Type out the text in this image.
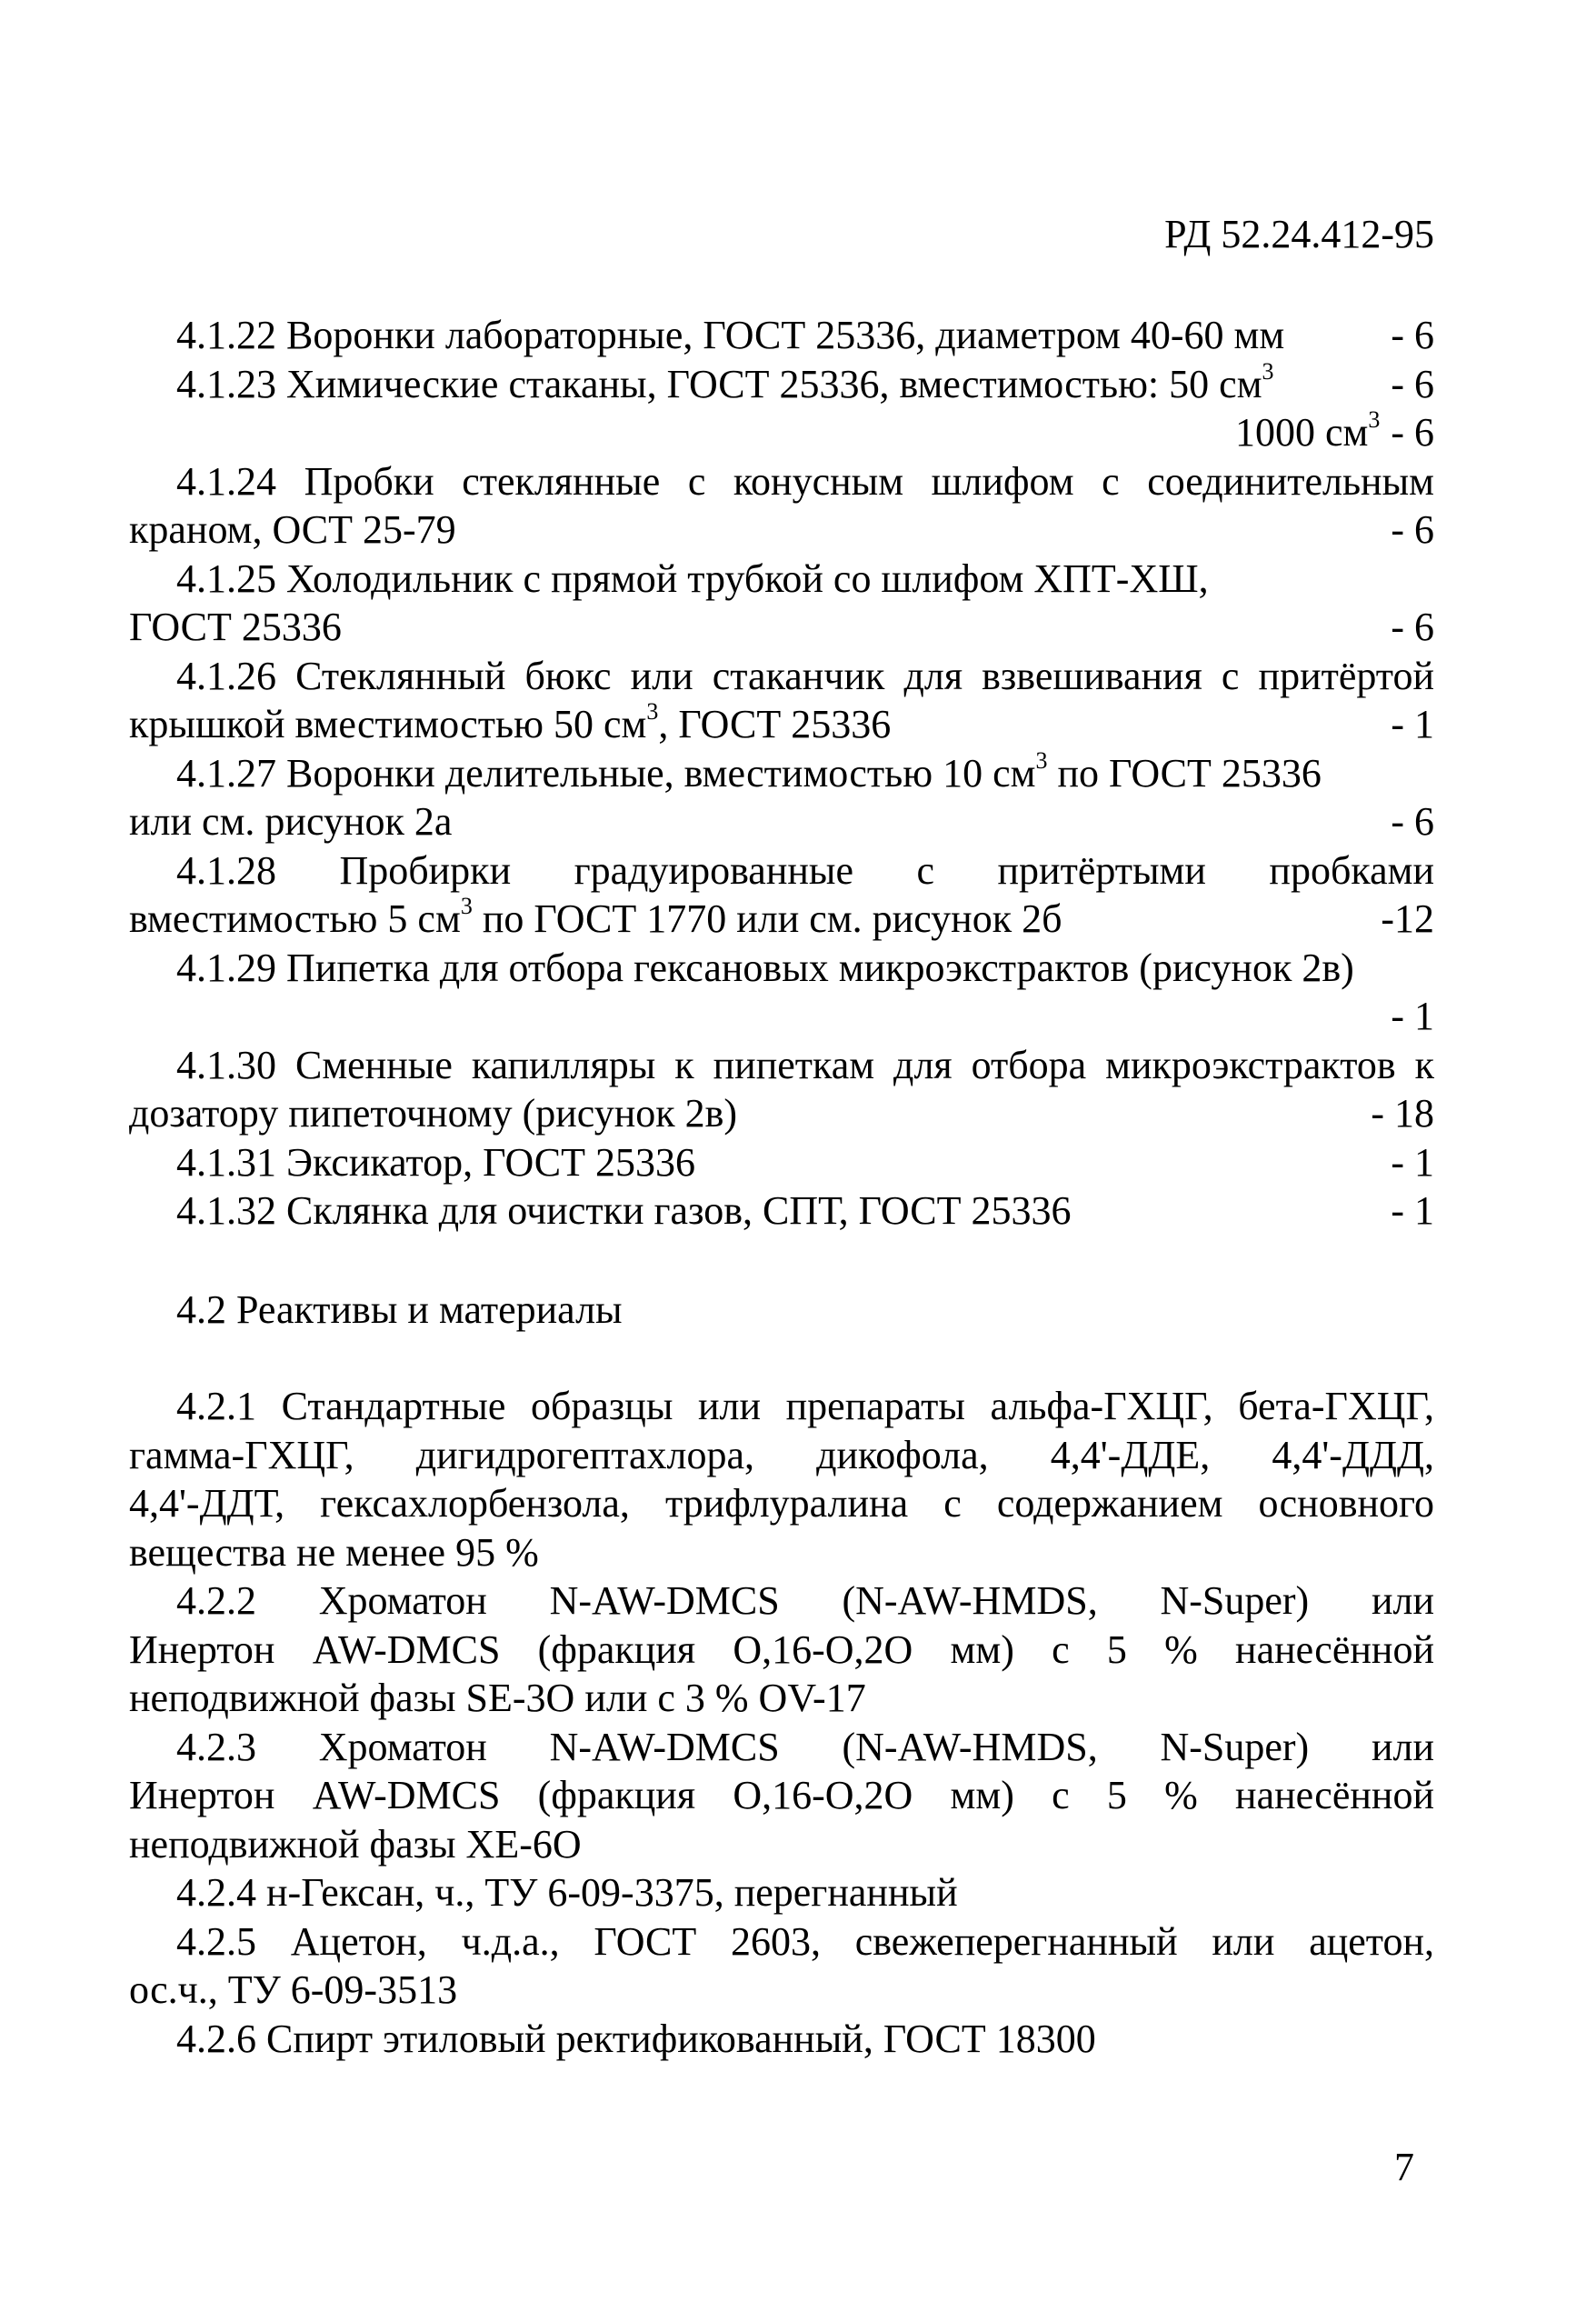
РД 52.24.412-95
4.1.22 Воронки лабораторные, ГОСТ 25336, диаметром 40-60 мм	- 6
4.1.23 Химические стаканы, ГОСТ 25336, вместимостью: 50 $см^3$	- 6
1000 $см^3 - 6$
4.1.24 Пробки стеклянные с конусным шлифом с соединительным
краном, ОСТ 25-79	- 6
4.1.25 Холодильник с прямой трубкой со шлифом ХПТ-ХШ,
ГОСТ 25336	- 6
4.1.26 Стеклянный бюкс или стаканчик для взвешивания с притёртой
крышкой вместимостью 50 $см^3$, ГОСТ 25336	- 1
4.1.27 Воронки делительные, вместимостью 10 $см^3$ по ГОСТ 25336
или см. рисунок 2а	- 6
4.1.28 Пробирки градуированные с притёртыми пробками
вместимостью 5 $см^3$ по ГОСТ 1770 или см. рисунок 2б	-12
4.1.29 Пипетка для отбора гексановых микроэкстрактов (рисунок 2в)
- 1
4.1.30 Сменные капилляры к пипеткам для отбора микроэкстрактов к
дозатору пипеточному (рисунок 2в)	- 18
4.1.31 Эксикатор, ГОСТ 25336	- 1
4.1.32 Склянка для очистки газов, СПТ, ГОСТ 25336	- 1
4.2 Реактивы и материалы
4.2.1 Стандартные образцы или препараты альфа-ГХЦГ, бета-ГХЦГ,
гамма-ГХЦГ, дигидрогептахлора, дикофола, 4,4'-ДДЕ, 4,4'-ДДД,
4,4'-ДДТ, гексахлорбензола, трифлуралина с содержанием основного
вещества не менее 95 %
4.2.2 Хроматон N-AW-DMCS (N-AW-HMDS, N-Super) или
Инертон AW-DMCS (фракция О,16-О,2О мм) с 5 % нанесённой
неподвижной фазы SE-3О или с 3 % OV-17
4.2.3 Хроматон N-AW-DMCS (N-AW-HMDS, N-Super) или
Инертон AW-DMCS (фракция О,16-О,2О мм) с 5 % нанесённой
неподвижной фазы ХЕ-6О
4.2.4 н-Гексан, ч., ТУ 6-09-3375, перегнанный
4.2.5 Ацетон, ч.д.а., ГОСТ 2603, свежеперегнанный или ацетон,
ос.ч., ТУ 6-09-3513
4.2.6 Спирт этиловый ректификованный, ГОСТ 18300
7
